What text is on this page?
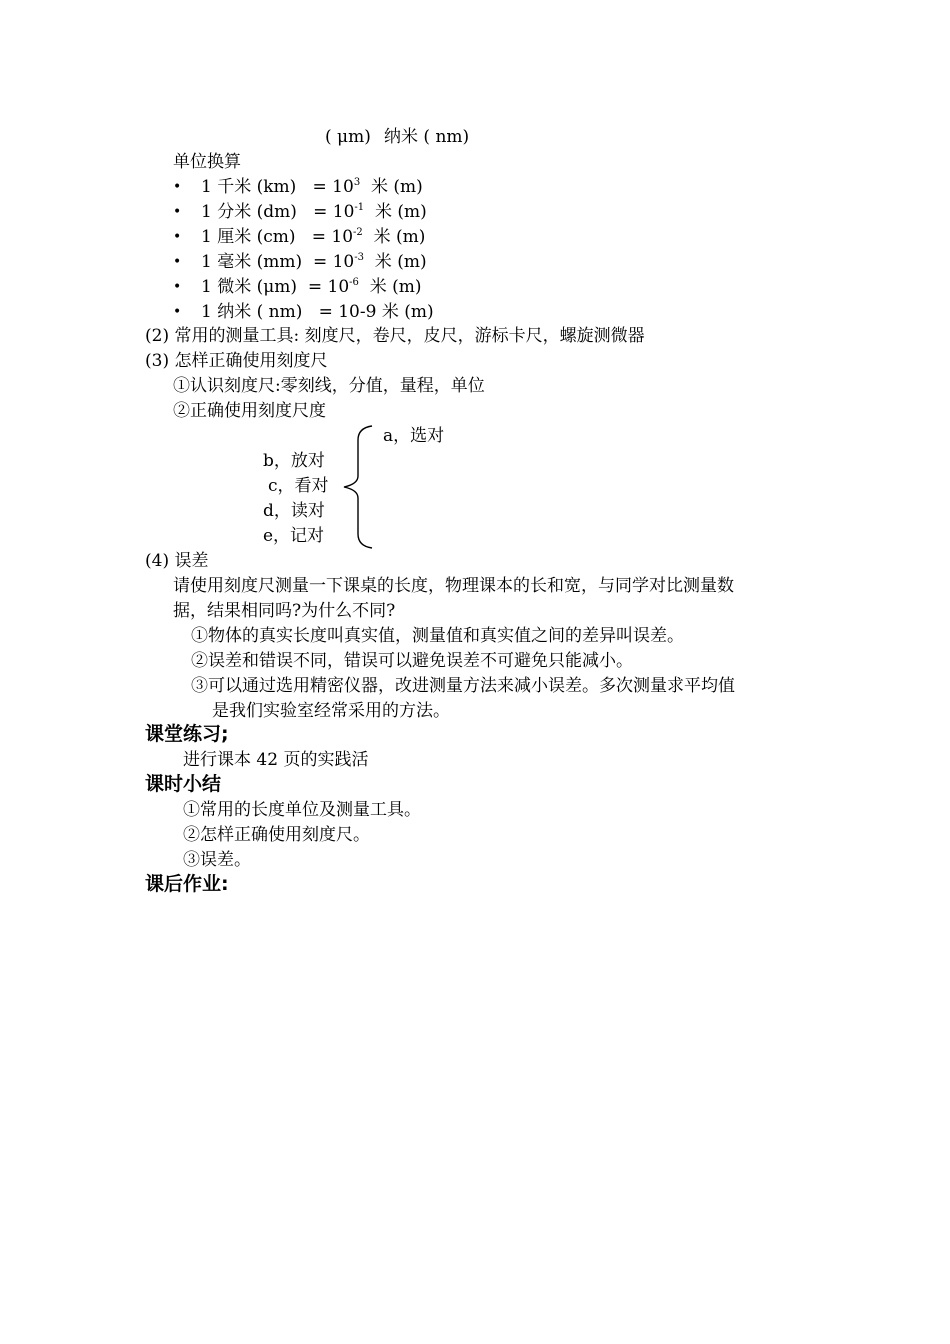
( μm) 纳米 ( nm)
单位换算
• 1 千米 $(km) = 10^3$ 米 (m)
• 1 分米 $(dm) = 10^{-1}$ 米 (m)
• 1 厘米 $(cm) = 10^{-2}$ 米 (m)
• 1 毫米 $(mm) = 10^{-3}$ 米 (m)
• 1 微米 $(\mu m) = 10^{-6}$ 米 (m)
• 1 纳米 ( nm) = 10-9 米 (m)
(2) 常用的测量工具: 刻度尺，卷尺，皮尺，游标卡尺，螺旋测微器
(3) 怎样正确使用刻度尺
①认识刻度尺:零刻线，分值，量程，单位
②正确使用刻度尺度
a，选对
b，放对
c，看对
d，读对
e，记对
(4) 误差
请使用刻度尺测量一下课桌的长度，物理课本的长和宽，与同学对比测量数
据，结果相同吗?为什么不同?
①物体的真实长度叫真实值，测量值和真实值之间的差异叫误差。
②误差和错误不同，错误可以避免误差不可避免只能减小。
③可以通过选用精密仪器，改进测量方法来减小误差。多次测量求平均值
是我们实验室经常采用的方法。
课堂练习;
进行课本 42 页的实践活
课时小结
①常用的长度单位及测量工具。
②怎样正确使用刻度尺。
③误差。
课后作业:
